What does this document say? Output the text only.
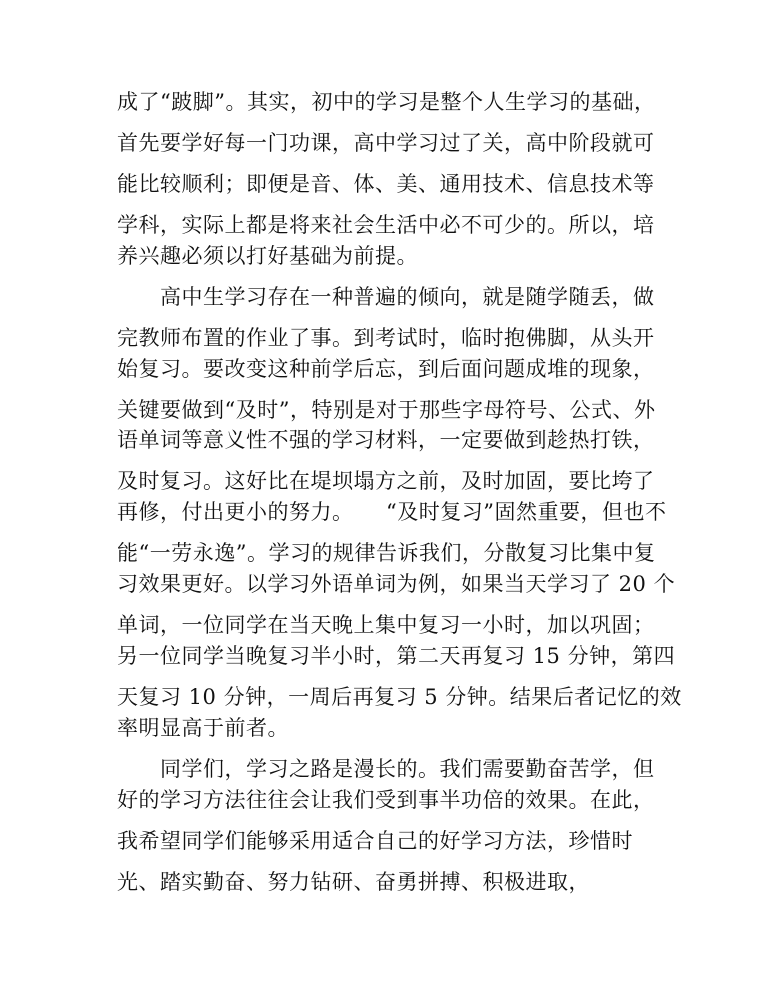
成了“跛脚”。其实，初中的学习是整个人生学习的基础，
首先要学好每一门功课，高中学习过了关，高中阶段就可
能比较顺利；即便是音、体、美、通用技术、信息技术等
学科，实际上都是将来社会生活中必不可少的。所以，培
养兴趣必须以打好基础为前提。
　　高中生学习存在一种普遍的倾向，就是随学随丢，做
完教师布置的作业了事。到考试时，临时抱佛脚，从头开
始复习。要改变这种前学后忘，到后面问题成堆的现象，
关键要做到“及时”，特别是对于那些字母符号、公式、外
语单词等意义性不强的学习材料，一定要做到趁热打铁，
及时复习。这好比在堤坝塌方之前，及时加固，要比垮了
再修，付出更小的努力。　　“及时复习”固然重要，但也不
能“一劳永逸”。学习的规律告诉我们，分散复习比集中复
习效果更好。以学习外语单词为例，如果当天学习了 20 个
单词，一位同学在当天晚上集中复习一小时，加以巩固；
另一位同学当晚复习半小时，第二天再复习 15 分钟，第四
天复习 10 分钟，一周后再复习 5 分钟。结果后者记忆的效
率明显高于前者。
　　同学们，学习之路是漫长的。我们需要勤奋苦学，但
好的学习方法往往会让我们受到事半功倍的效果。在此，
我希望同学们能够采用适合自己的好学习方法，珍惜时
光、踏实勤奋、努力钻研、奋勇拼搏、积极进取，
